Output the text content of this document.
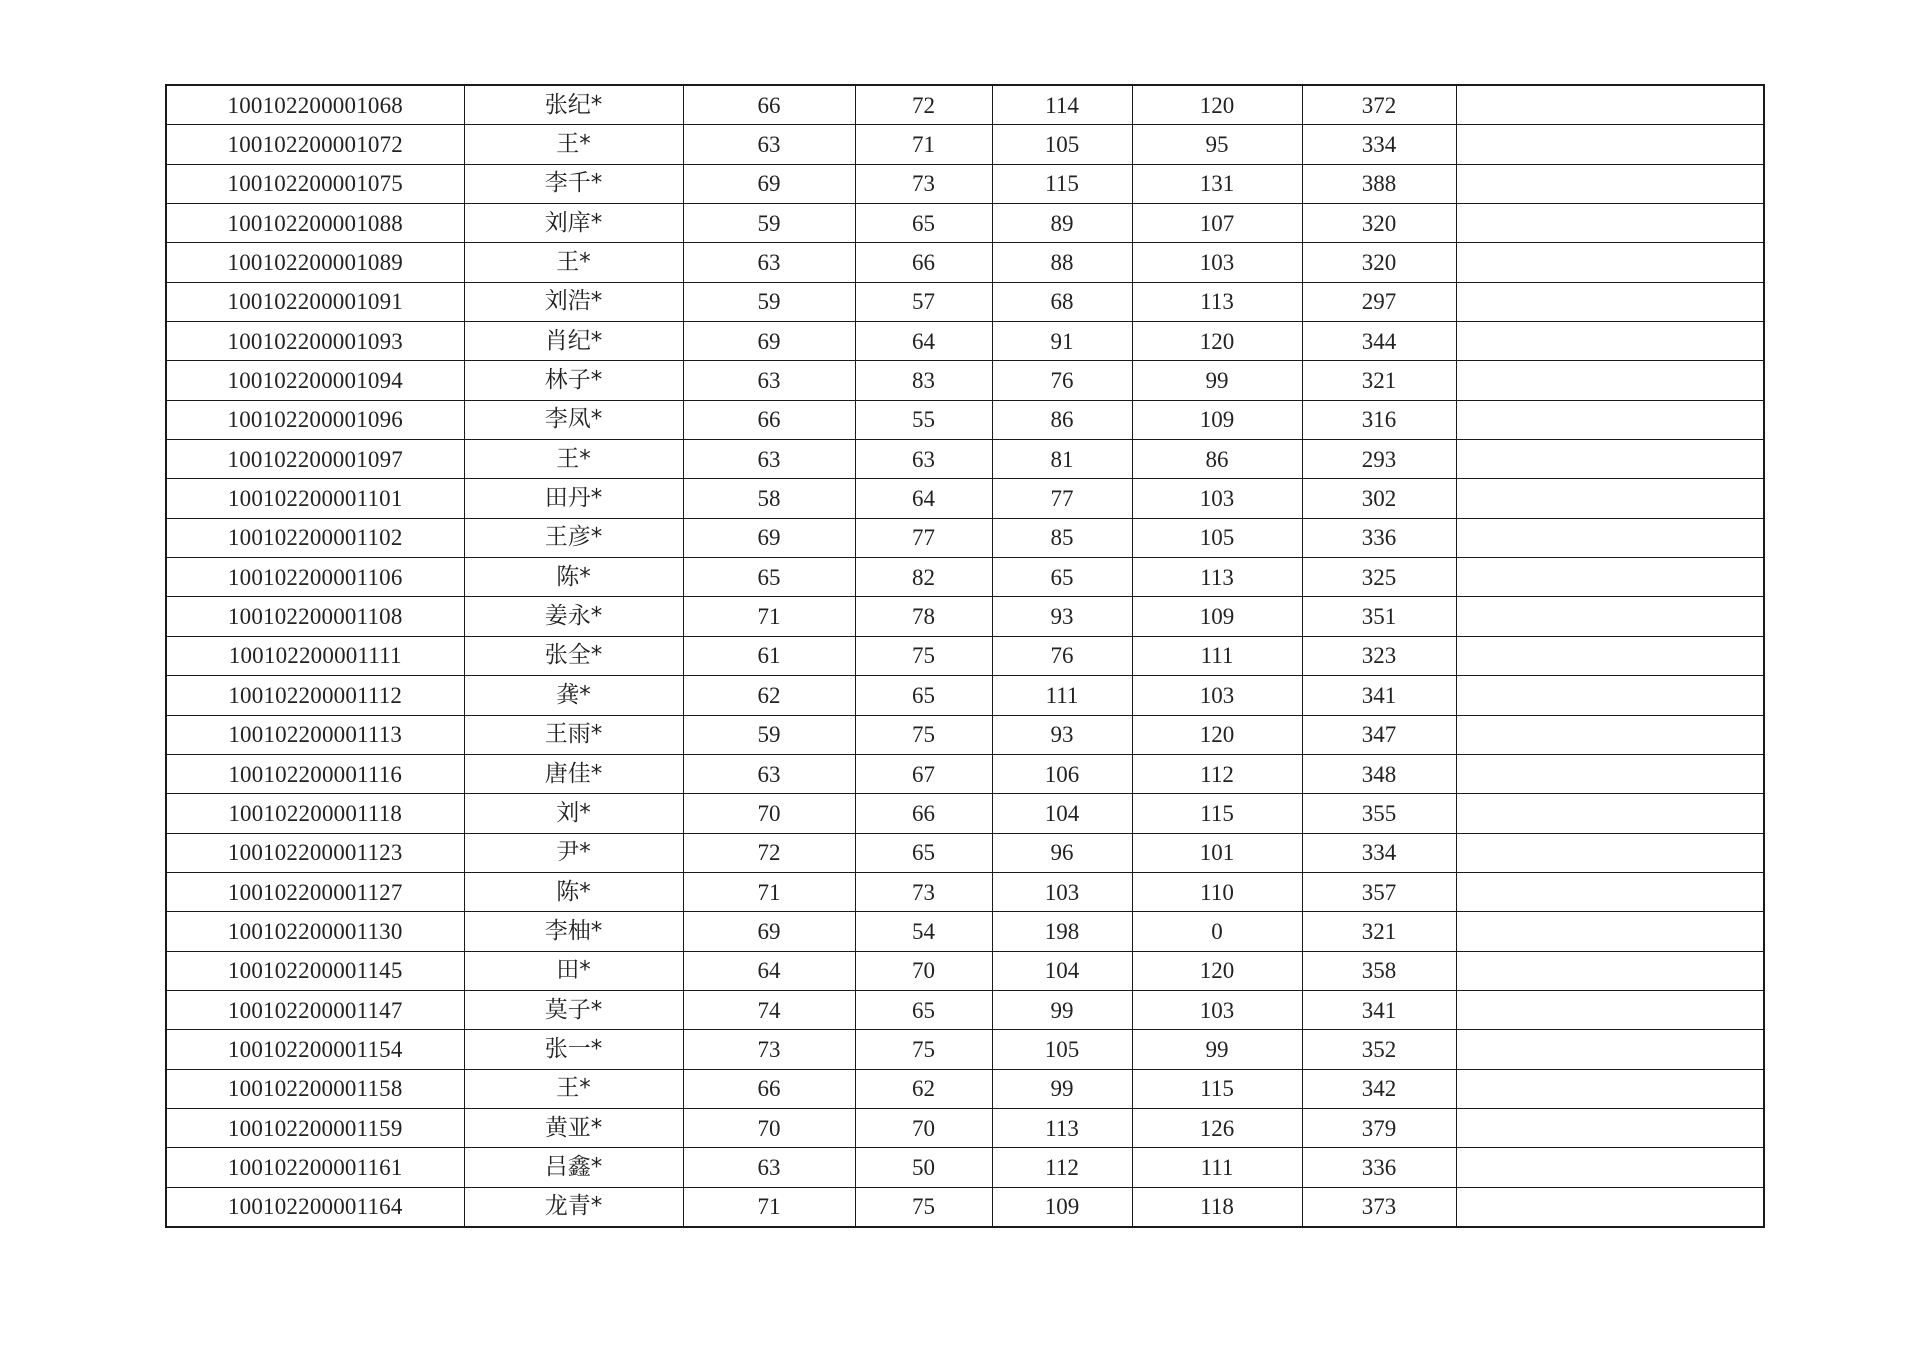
100102200001068	张纪*	66	72	114	120	372	
100102200001072	王*	63	71	105	95	334	
100102200001075	李千*	69	73	115	131	388	
100102200001088	刘庠*	59	65	89	107	320	
100102200001089	王*	63	66	88	103	320	
100102200001091	刘浩*	59	57	68	113	297	
100102200001093	肖纪*	69	64	91	120	344	
100102200001094	林子*	63	83	76	99	321	
100102200001096	李凤*	66	55	86	109	316	
100102200001097	王*	63	63	81	86	293	
100102200001101	田丹*	58	64	77	103	302	
100102200001102	王彦*	69	77	85	105	336	
100102200001106	陈*	65	82	65	113	325	
100102200001108	姜永*	71	78	93	109	351	
100102200001111	张全*	61	75	76	111	323	
100102200001112	龚*	62	65	111	103	341	
100102200001113	王雨*	59	75	93	120	347	
100102200001116	唐佳*	63	67	106	112	348	
100102200001118	刘*	70	66	104	115	355	
100102200001123	尹*	72	65	96	101	334	
100102200001127	陈*	71	73	103	110	357	
100102200001130	李柚*	69	54	198	0	321	
100102200001145	田*	64	70	104	120	358	
100102200001147	莫子*	74	65	99	103	341	
100102200001154	张一*	73	75	105	99	352	
100102200001158	王*	66	62	99	115	342	
100102200001159	黄亚*	70	70	113	126	379	
100102200001161	吕鑫*	63	50	112	111	336	
100102200001164	龙青*	71	75	109	118	373	
